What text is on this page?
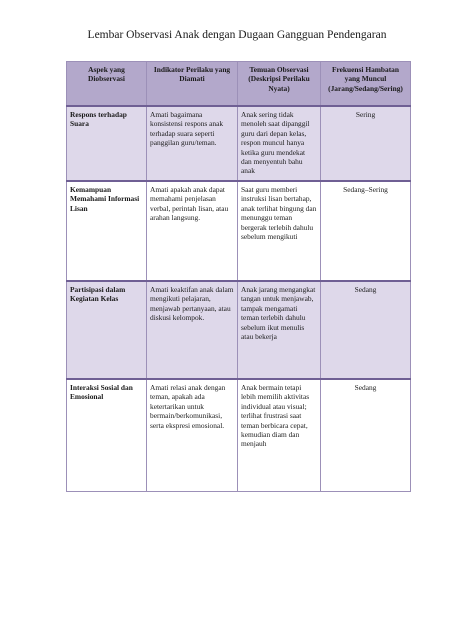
Lembar Observasi Anak dengan Dugaan Gangguan Pendengaran
Aspek yang Diobservasi	Indikator Perilaku yang Diamati	Temuan Observasi (Deskripsi Perilaku Nyata)	Frekuensi Hambatan yang Muncul (Jarang/Sedang/Sering)
Respons terhadap Suara	Amati bagaimana konsistensi respons anak terhadap suara seperti panggilan guru/teman.	Anak sering tidak menoleh saat dipanggil guru dari depan kelas, respon muncul hanya ketika guru mendekat dan menyentuh bahu anak	Sering
Kemampuan Memahami Informasi Lisan	Amati apakah anak dapat memahami penjelasan verbal, perintah lisan, atau arahan langsung.	Saat guru memberi instruksi lisan bertahap, anak terlihat bingung dan menunggu teman bergerak terlebih dahulu sebelum mengikuti	Sedang–Sering
Partisipasi dalam Kegiatan Kelas	Amati keaktifan anak dalam mengikuti pelajaran, menjawab pertanyaan, atau diskusi kelompok.	Anak jarang mengangkat tangan untuk menjawab, tampak mengamati teman terlebih dahulu sebelum ikut menulis atau bekerja	Sedang
Interaksi Sosial dan Emosional	Amati relasi anak dengan teman, apakah ada ketertarikan untuk bermain/berkomunikasi, serta ekspresi emosional.	Anak bermain tetapi lebih memilih aktivitas individual atau visual; terlihat frustrasi saat teman berbicara cepat, kemudian diam dan menjauh	Sedang
